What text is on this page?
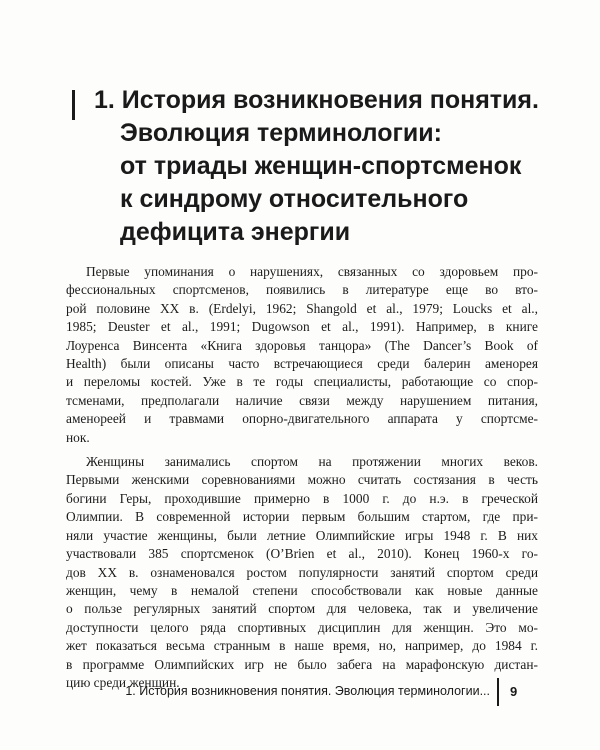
1. История возникновения понятия.
Эволюция терминологии:
от триады женщин-спортсменок
к синдрому относительного
дефицита энергии

Первые упоминания о нарушениях, связанных со здоровьем про-
фессиональных спортсменов, появились в литературе еще во вто-
рой половине XX в. (Erdelyi, 1962; Shangold et al., 1979; Loucks et al.,
1985; Deuster et al., 1991; Dugowson et al., 1991). Например, в книге
Лоуренса Винсента «Книга здоровья танцора» (The Dancer’s Book of
Health) были описаны часто встречающиеся среди балерин аменорея
и переломы костей. Уже в те годы специалисты, работающие со спор-
тсменами, предполагали наличие связи между нарушением питания,
аменореей и травмами опорно-двигательного аппарата у спортсме-
нок.

Женщины занимались спортом на протяжении многих веков.
Первыми женскими соревнованиями можно считать состязания в честь
богини Геры, проходившие примерно в 1000 г. до н.э. в греческой
Олимпии. В современной истории первым большим стартом, где при-
няли участие женщины, были летние Олимпийские игры 1948 г. В них
участвовали 385 спортсменок (O’Brien et al., 2010). Конец 1960-х го-
дов XX в. ознаменовался ростом популярности занятий спортом среди
женщин, чему в немалой степени способствовали как новые данные
о пользе регулярных занятий спортом для человека, так и увеличение
доступности целого ряда спортивных дисциплин для женщин. Это мо-
жет показаться весьма странным в наше время, но, например, до 1984 г.
в программе Олимпийских игр не было забега на марафонскую дистан-
цию среди женщин.

1. История возникновения понятия. Эволюция терминологии... 9
